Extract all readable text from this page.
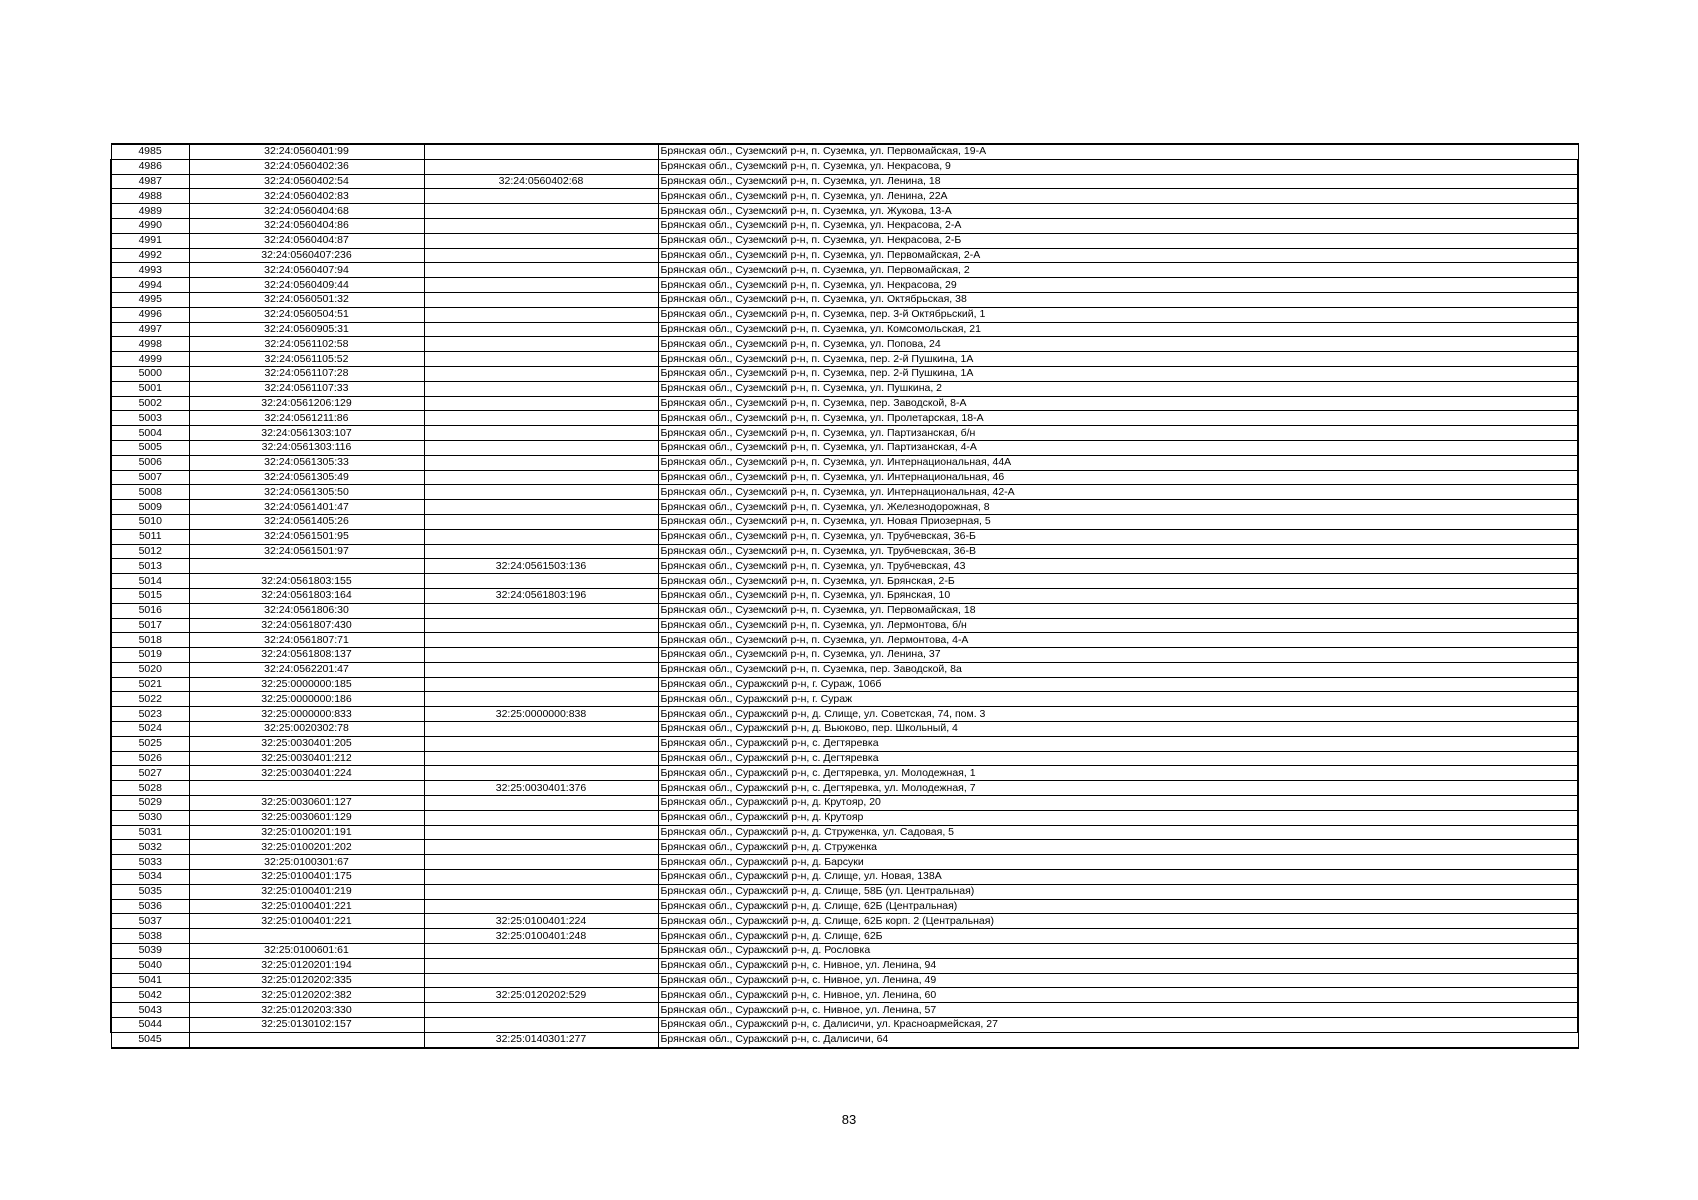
4985	32:24:0560401:99		Брянская обл., Суземский р-н, п. Суземка, ул. Первомайская, 19-А
4986	32:24:0560402:36		Брянская обл., Суземский р-н, п. Суземка, ул. Некрасова, 9
4987	32:24:0560402:54	32:24:0560402:68	Брянская обл., Суземский р-н, п. Суземка, ул. Ленина, 18
4988	32:24:0560402:83		Брянская обл., Суземский р-н, п. Суземка, ул. Ленина, 22А
4989	32:24:0560404:68		Брянская обл., Суземский р-н, п. Суземка, ул. Жукова, 13-А
4990	32:24:0560404:86		Брянская обл., Суземский р-н, п. Суземка, ул. Некрасова, 2-А
4991	32:24:0560404:87		Брянская обл., Суземский р-н, п. Суземка, ул. Некрасова, 2-Б
4992	32:24:0560407:236		Брянская обл., Суземский р-н, п. Суземка, ул. Первомайская, 2-А
4993	32:24:0560407:94		Брянская обл., Суземский р-н, п. Суземка, ул. Первомайская, 2
4994	32:24:0560409:44		Брянская обл., Суземский р-н, п. Суземка, ул. Некрасова, 29
4995	32:24:0560501:32		Брянская обл., Суземский р-н, п. Суземка, ул. Октябрьская, 38
4996	32:24:0560504:51		Брянская обл., Суземский р-н, п. Суземка, пер. 3-й Октябрьский, 1
4997	32:24:0560905:31		Брянская обл., Суземский р-н, п. Суземка, ул. Комсомольская, 21
4998	32:24:0561102:58		Брянская обл., Суземский р-н, п. Суземка, ул. Попова, 24
4999	32:24:0561105:52		Брянская обл., Суземский р-н, п. Суземка, пер. 2-й Пушкина, 1А
5000	32:24:0561107:28		Брянская обл., Суземский р-н, п. Суземка, пер. 2-й Пушкина, 1А
5001	32:24:0561107:33		Брянская обл., Суземский р-н, п. Суземка, ул. Пушкина, 2
5002	32:24:0561206:129		Брянская обл., Суземский р-н, п. Суземка, пер. Заводской, 8-А
5003	32:24:0561211:86		Брянская обл., Суземский р-н, п. Суземка, ул. Пролетарская, 18-А
5004	32:24:0561303:107		Брянская обл., Суземский р-н, п. Суземка, ул. Партизанская, б/н
5005	32:24:0561303:116		Брянская обл., Суземский р-н, п. Суземка, ул. Партизанская, 4-А
5006	32:24:0561305:33		Брянская обл., Суземский р-н, п. Суземка, ул. Интернациональная, 44А
5007	32:24:0561305:49		Брянская обл., Суземский р-н, п. Суземка, ул. Интернациональная, 46
5008	32:24:0561305:50		Брянская обл., Суземский р-н, п. Суземка, ул. Интернациональная, 42-А
5009	32:24:0561401:47		Брянская обл., Суземский р-н, п. Суземка, ул. Железнодорожная, 8
5010	32:24:0561405:26		Брянская обл., Суземский р-н, п. Суземка, ул. Новая Приозерная, 5
5011	32:24:0561501:95		Брянская обл., Суземский р-н, п. Суземка, ул. Трубчевская, 36-Б
5012	32:24:0561501:97		Брянская обл., Суземский р-н, п. Суземка, ул. Трубчевская, 36-В
5013		32:24:0561503:136	Брянская обл., Суземский р-н, п. Суземка, ул. Трубчевская, 43
5014	32:24:0561803:155		Брянская обл., Суземский р-н, п. Суземка, ул. Брянская, 2-Б
5015	32:24:0561803:164	32:24:0561803:196	Брянская обл., Суземский р-н, п. Суземка, ул. Брянская, 10
5016	32:24:0561806:30		Брянская обл., Суземский р-н, п. Суземка, ул. Первомайская, 18
5017	32:24:0561807:430		Брянская обл., Суземский р-н, п. Суземка, ул. Лермонтова, б/н
5018	32:24:0561807:71		Брянская обл., Суземский р-н, п. Суземка, ул. Лермонтова, 4-А
5019	32:24:0561808:137		Брянская обл., Суземский р-н, п. Суземка, ул. Ленина, 37
5020	32:24:0562201:47		Брянская обл., Суземский р-н, п. Суземка, пер. Заводской, 8а
5021	32:25:0000000:185		Брянская обл., Суражский р-н, г. Сураж, 106б
5022	32:25:0000000:186		Брянская обл., Суражский р-н, г. Сураж
5023	32:25:0000000:833	32:25:0000000:838	Брянская обл., Суражский р-н, д. Слище, ул. Советская, 74, пом. 3
5024	32:25:0020302:78		Брянская обл., Суражский р-н, д. Вьюково, пер. Школьный, 4
5025	32:25:0030401:205		Брянская обл., Суражский р-н, с. Дегтяревка
5026	32:25:0030401:212		Брянская обл., Суражский р-н, с. Дегтяревка
5027	32:25:0030401:224		Брянская обл., Суражский р-н, с. Дегтяревка, ул. Молодежная, 1
5028		32:25:0030401:376	Брянская обл., Суражский р-н, с. Дегтяревка, ул. Молодежная, 7
5029	32:25:0030601:127		Брянская обл., Суражский р-н, д. Крутояр, 20
5030	32:25:0030601:129		Брянская обл., Суражский р-н, д. Крутояр
5031	32:25:0100201:191		Брянская обл., Суражский р-н, д. Струженка, ул. Садовая, 5
5032	32:25:0100201:202		Брянская обл., Суражский р-н, д. Струженка
5033	32:25:0100301:67		Брянская обл., Суражский р-н, д. Барсуки
5034	32:25:0100401:175		Брянская обл., Суражский р-н, д. Слище, ул. Новая, 138А
5035	32:25:0100401:219		Брянская обл., Суражский р-н, д. Слище, 58Б (ул. Центральная)
5036	32:25:0100401:221		Брянская обл., Суражский р-н, д. Слище, 62Б (Центральная)
5037	32:25:0100401:221	32:25:0100401:224	Брянская обл., Суражский р-н, д. Слище, 62Б корп. 2 (Центральная)
5038		32:25:0100401:248	Брянская обл., Суражский р-н, д. Слище, 62Б
5039	32:25:0100601:61		Брянская обл., Суражский р-н, д. Рословка
5040	32:25:0120201:194		Брянская обл., Суражский р-н, с. Нивное, ул. Ленина, 94
5041	32:25:0120202:335		Брянская обл., Суражский р-н, с. Нивное, ул. Ленина, 49
5042	32:25:0120202:382	32:25:0120202:529	Брянская обл., Суражский р-н, с. Нивное, ул. Ленина, 60
5043	32:25:0120203:330		Брянская обл., Суражский р-н, с. Нивное, ул. Ленина, 57
5044	32:25:0130102:157		Брянская обл., Суражский р-н, с. Далисичи, ул. Красноармейская, 27
5045		32:25:0140301:277	Брянская обл., Суражский р-н, с. Далисичи, 64
83
